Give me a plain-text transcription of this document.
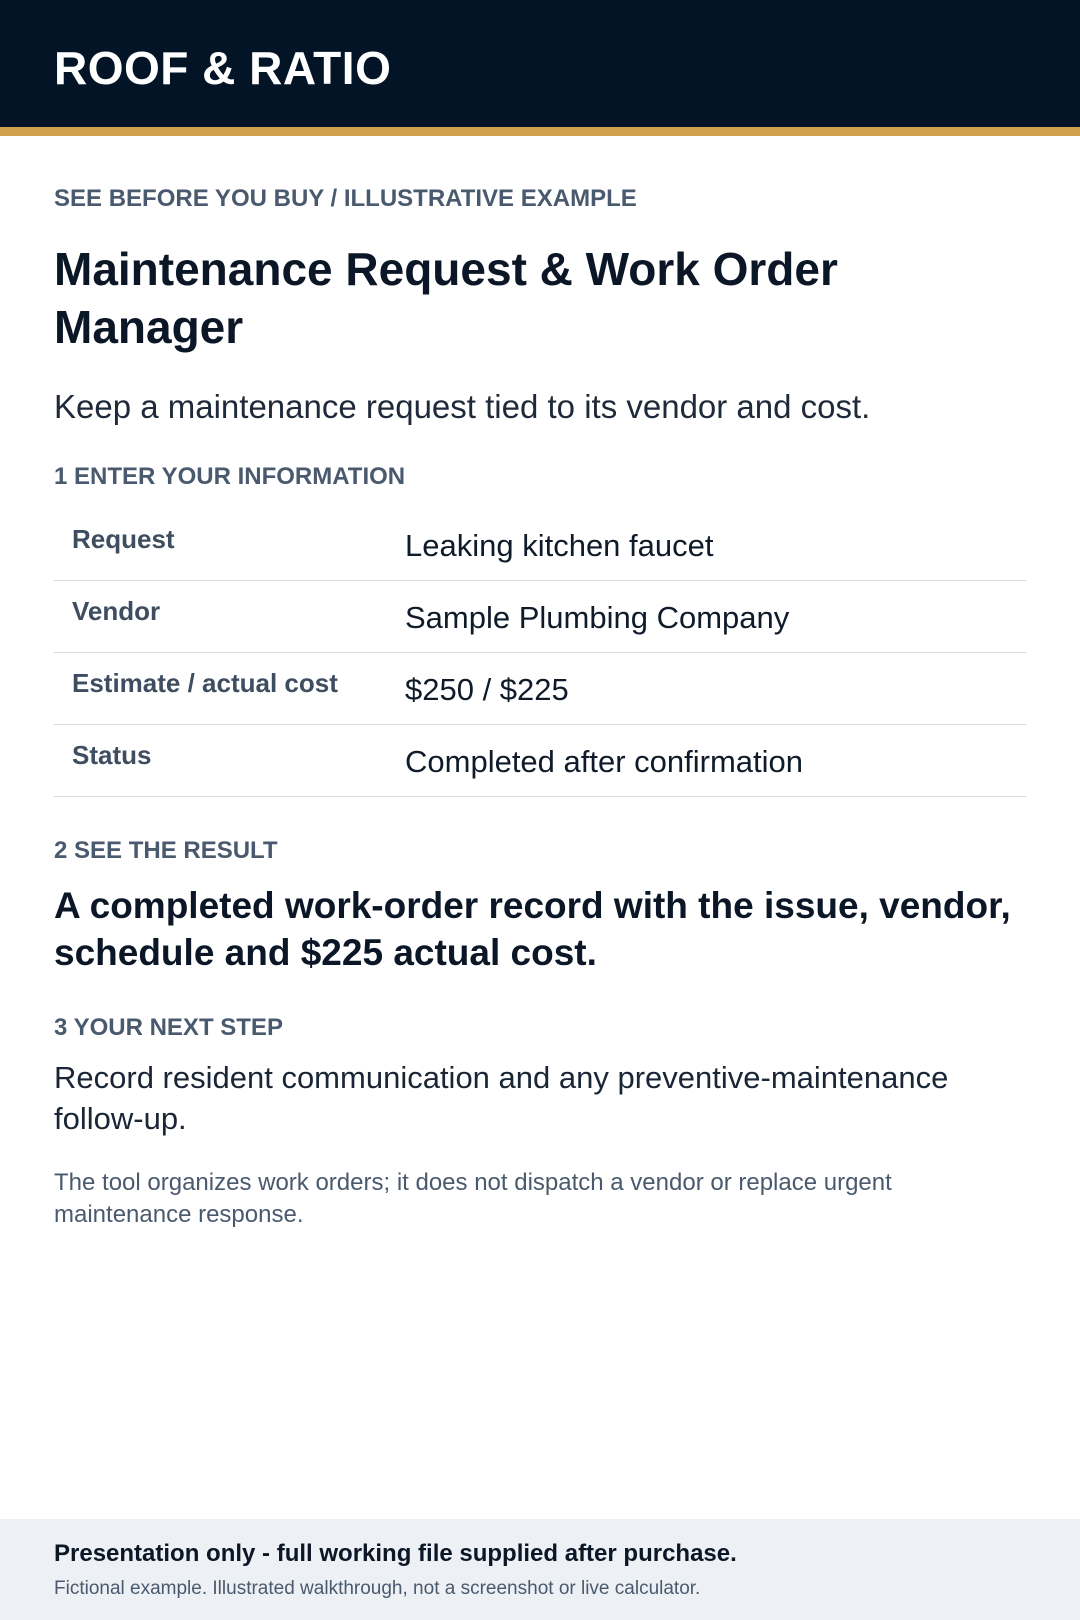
ROOF & RATIO
SEE BEFORE YOU BUY / ILLUSTRATIVE EXAMPLE
Maintenance Request & Work Order Manager
Keep a maintenance request tied to its vendor and cost.
1 ENTER YOUR INFORMATION
Request	Leaking kitchen faucet
Vendor	Sample Plumbing Company
Estimate / actual cost $250 / $225
Status	Completed after confirmation
2 SEE THE RESULT
A completed work-order record with the issue, vendor, schedule and $225 actual cost.
3 YOUR NEXT STEP
Record resident communication and any preventive-maintenance follow-up.
The tool organizes work orders; it does not dispatch a vendor or replace urgent maintenance response.
Presentation only - full working file supplied after purchase.
Fictional example. Illustrated walkthrough, not a screenshot or live calculator.
